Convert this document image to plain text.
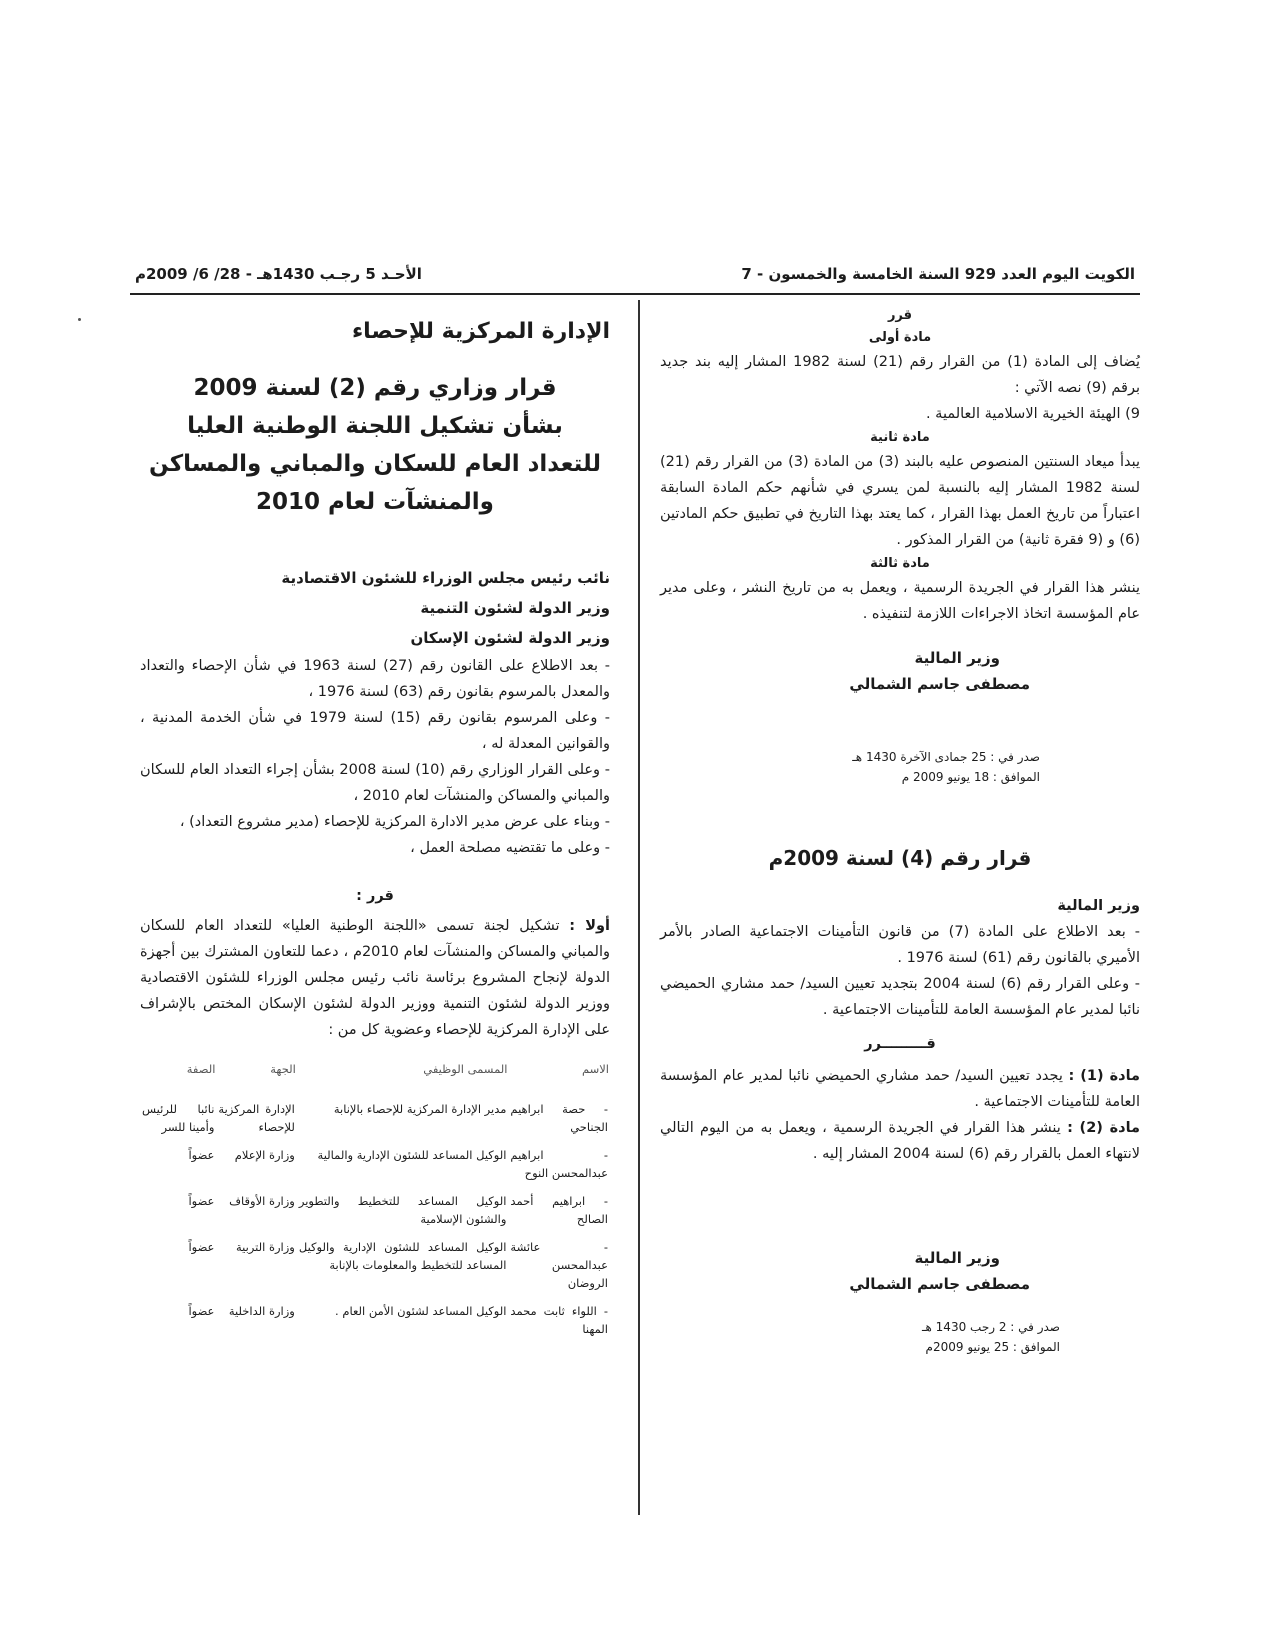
الكويت اليوم العدد 929 السنة الخامسة والخمسون - 7
الأحـد 5 رجـب 1430هـ - 28/ 6/ 2009م
قرر
مادة أولى

يُضاف إلى المادة (1) من القرار رقم (21) لسنة 1982 المشار إليه بند جديد برقم (9) نصه الآتي :

9) الهيئة الخيرية الاسلامية العالمية .

مادة ثانية

يبدأ ميعاد السنتين المنصوص عليه بالبند (3) من المادة (3) من القرار رقم (21) لسنة 1982 المشار إليه بالنسبة لمن يسري في شأنهم حكم المادة السابقة اعتباراً من تاريخ العمل بهذا القرار ، كما يعتد بهذا التاريخ في تطبيق حكم المادتين (6) و (9 فقرة ثانية) من القرار المذكور .

مادة ثالثة

ينشر هذا القرار في الجريدة الرسمية ، ويعمل به من تاريخ النشر ، وعلى مدير عام المؤسسة اتخاذ الاجراءات اللازمة لتنفيذه .

وزير المالية
مصطفى جاسم الشمالي
صدر في : 25 جمادى الآخرة 1430 هـ
الموافق : 18 يونيو 2009 م
قرار رقم (4) لسنة 2009م
وزير المالية

- بعد الاطلاع على المادة (7) من قانون التأمينات الاجتماعية الصادر بالأمر الأميري بالقانون رقم (61) لسنة 1976 .

- وعلى القرار رقم (6) لسنة 2004 بتجديد تعيين السيد/ حمد مشاري الحميضي نائبا لمدير عام المؤسسة العامة للتأمينات الاجتماعية .

قـــــــــرر

مادة (1) : يجدد تعيين السيد/ حمد مشاري الحميضي نائبا لمدير عام المؤسسة العامة للتأمينات الاجتماعية .

مادة (2) : ينشر هذا القرار في الجريدة الرسمية ، ويعمل به من اليوم التالي لانتهاء العمل بالقرار رقم (6) لسنة 2004 المشار إليه .

وزير المالية
مصطفى جاسم الشمالي
صدر في : 2 رجب 1430 هـ
الموافق : 25 يونيو 2009م
الإدارة المركزية للإحصاء
قرار وزاري رقم (2) لسنة 2009
بشأن تشكيل اللجنة الوطنية العليا
للتعداد العام للسكان والمباني والمساكن
والمنشآت لعام 2010
نائب رئيس مجلس الوزراء للشئون الاقتصادية
وزير الدولة لشئون التنمية
وزير الدولة لشئون الإسكان

- بعد الاطلاع على القانون رقم (27) لسنة 1963 في شأن الإحصاء والتعداد والمعدل بالمرسوم بقانون رقم (63) لسنة 1976 ،

- وعلى المرسوم بقانون رقم (15) لسنة 1979 في شأن الخدمة المدنية ، والقوانين المعدلة له ،

- وعلى القرار الوزاري رقم (10) لسنة 2008 بشأن إجراء التعداد العام للسكان والمباني والمساكن والمنشآت لعام 2010 ،

- وبناء على عرض مدير الادارة المركزية للإحصاء (مدير مشروع التعداد) ،

- وعلى ما تقتضيه مصلحة العمل ،

قرر :

أولا : تشكيل لجنة تسمى «اللجنة الوطنية العليا» للتعداد العام للسكان والمباني والمساكن والمنشآت لعام 2010م ، دعما للتعاون المشترك بين أجهزة الدولة لإنجاح المشروع برئاسة نائب رئيس مجلس الوزراء للشئون الاقتصادية ووزير الدولة لشئون التنمية ووزير الدولة لشئون الإسكان المختص بالإشراف على الإدارة المركزية للإحصاء وعضوية كل من :

الاسم	المسمى الوظيفي	الجهة	الصفة
- حصة ابراهيم الجناحي	مدير الإدارة المركزية للإحصاء بالإنابة	الإدارة المركزية للإحصاء	نائبا للرئيس وأمينا للسر
- ابراهيم عبدالمحسن النوح	الوكيل المساعد للشئون الإدارية والمالية	وزارة الإعلام	عضواً
- ابراهيم أحمد الصالح	الوكيل المساعد للتخطيط والتطوير والشئون الإسلامية	وزارة الأوقاف	عضواً
- عائشة عبدالمحسن الروضان	الوكيل المساعد للشئون الإدارية والوكيل المساعد للتخطيط والمعلومات بالإنابة	وزارة التربية	عضواً
- اللواء ثابت محمد المهنا	الوكيل المساعد لشئون الأمن العام .	وزارة الداخلية	عضواً
